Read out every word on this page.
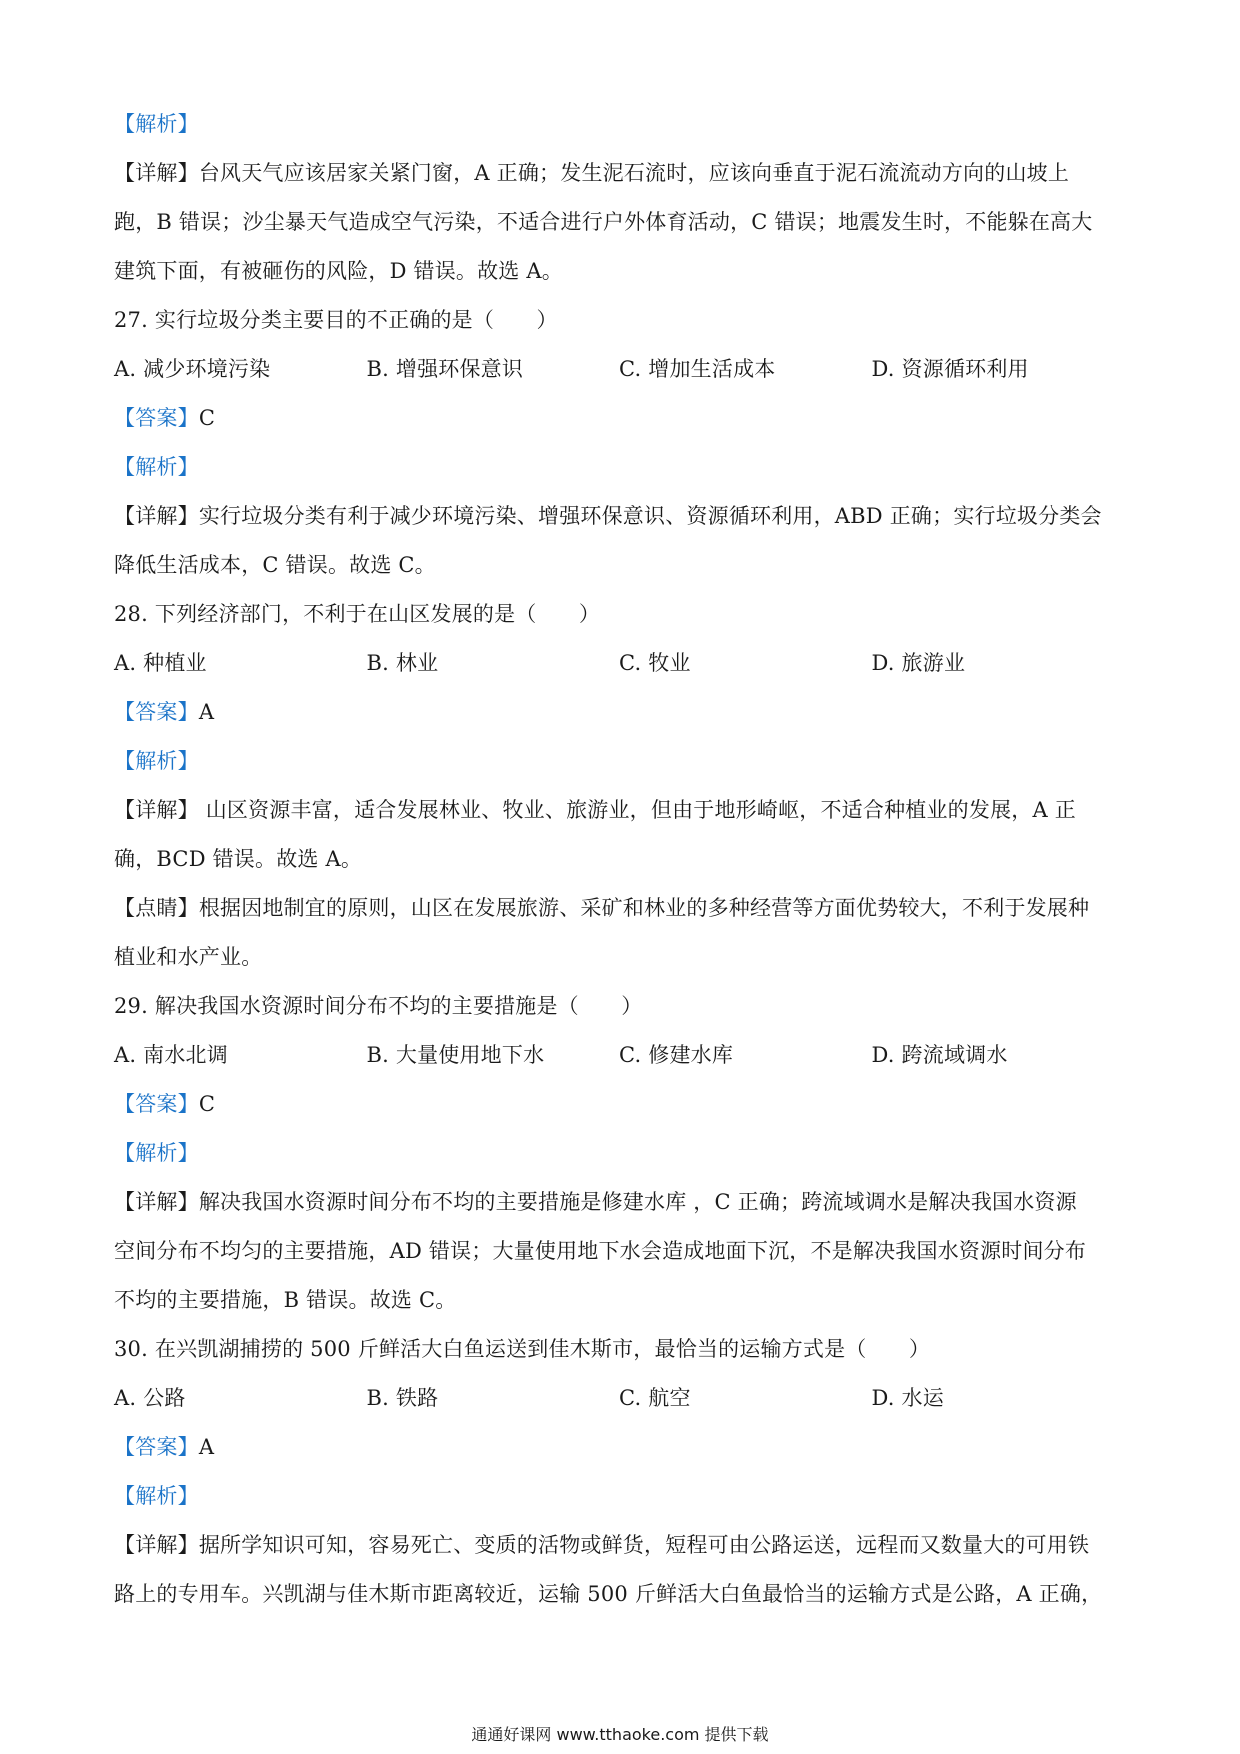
【解析】
【详解】台风天气应该居家关紧门窗，A 正确；发生泥石流时，应该向垂直于泥石流流动方向的山坡上
跑，B 错误；沙尘暴天气造成空气污染，不适合进行户外体育活动，C 错误；地震发生时，不能躲在高大
建筑下面，有被砸伤的风险，D 错误。故选 A。
27. 实行垃圾分类主要目的不正确的是（　　）
A. 减少环境污染	B. 增强环保意识	C. 增加生活成本	D. 资源循环利用
【答案】C
【解析】
【详解】实行垃圾分类有利于减少环境污染、增强环保意识、资源循环利用，ABD 正确；实行垃圾分类会
降低生活成本，C 错误。故选 C。
28. 下列经济部门，不利于在山区发展的是（　　）
A. 种植业	B. 林业	C. 牧业	D. 旅游业
【答案】A
【解析】
【详解】 山区资源丰富，适合发展林业、牧业、旅游业，但由于地形崎岖，不适合种植业的发展，A 正
确，BCD 错误。故选 A。
【点睛】根据因地制宜的原则，山区在发展旅游、采矿和林业的多种经营等方面优势较大，不利于发展种
植业和水产业。
29. 解决我国水资源时间分布不均的主要措施是（　　）
A. 南水北调	B. 大量使用地下水	C. 修建水库	D. 跨流域调水
【答案】C
【解析】
【详解】解决我国水资源时间分布不均的主要措施是修建水库 ，C 正确；跨流域调水是解决我国水资源
空间分布不均匀的主要措施，AD 错误；大量使用地下水会造成地面下沉，不是解决我国水资源时间分布
不均的主要措施，B 错误。故选 C。
30. 在兴凯湖捕捞的 500 斤鲜活大白鱼运送到佳木斯市，最恰当的运输方式是（　　）
A. 公路	B. 铁路	C. 航空	D. 水运
【答案】A
【解析】
【详解】据所学知识可知，容易死亡、变质的活物或鲜货，短程可由公路运送，远程而又数量大的可用铁
路上的专用车。兴凯湖与佳木斯市距离较近，运输 500 斤鲜活大白鱼最恰当的运输方式是公路，A 正确，
通通好课网 www.tthaoke.com 提供下载
